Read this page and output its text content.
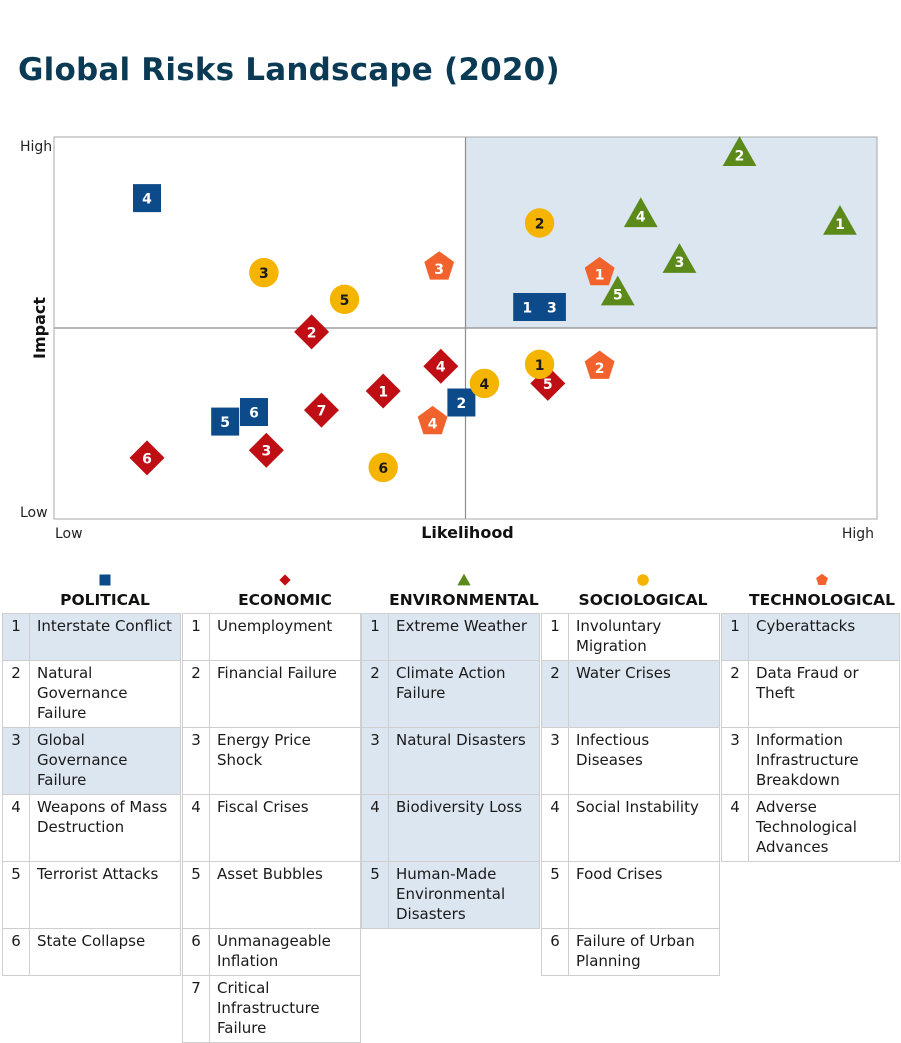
Global Risks Landscape (2020)
High
Low
Low	High
Likelihood
Impact	1
2
3
4
5
6
1
2
3
4
5
6
7
1
2
3
4
5
1
2
3
4
5
6
1
2
3
4
POLITICAL
1	Interstate Conflict
2	Natural Governance Failure
3	Global Governance Failure
4	Weapons of Mass Destruction
5	Terrorist Attacks
6	State Collapse
ECONOMIC
1	Unemployment
2	Financial Failure
3	Energy Price Shock
4	Fiscal Crises
5	Asset Bubbles
6	Unmanageable Inflation
7	Critical Infrastructure Failure
ENVIRONMENTAL
1	Extreme Weather
2	Climate Action Failure
3	Natural Disasters
4	Biodiversity Loss
5	Human-Made Environmental Disasters
SOCIOLOGICAL
1	Involuntary Migration
2	Water Crises
3	Infectious Diseases
4	Social Instability
5	Food Crises
6	Failure of Urban Planning
TECHNOLOGICAL
1	Cyberattacks
2	Data Fraud or Theft
3	Information Infrastructure Breakdown
4	Adverse Technological Advances
